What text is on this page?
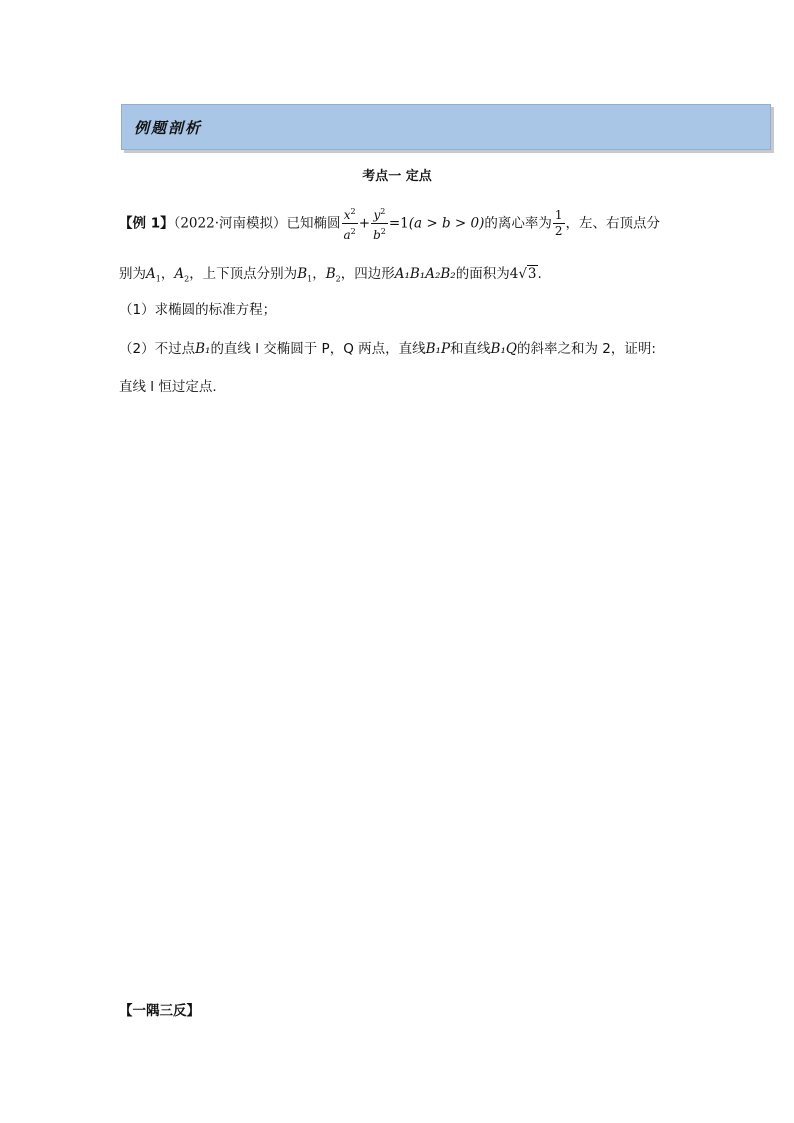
例题剖析
考点一 定点
【例 1】（2022·河南模拟）已知椭圆 $\frac{x^2}{a^2} + \frac{y^2}{b^2} =1(a > b > 0)$的离心率为 $\frac{1}{2}$ ，左、右顶点分
别为$A_1$，$A_2$，上下顶点分别为$B_1$，$B_2$，四边形A₁B₁A₂B₂的面积为4√3.
（1）求椭圆的标准方程；
（2）不过点B₁的直线 l 交椭圆于 P，Q 两点，直线B₁P和直线B₁Q的斜率之和为 2，证明:
直线 l 恒过定点.
【一隅三反】
